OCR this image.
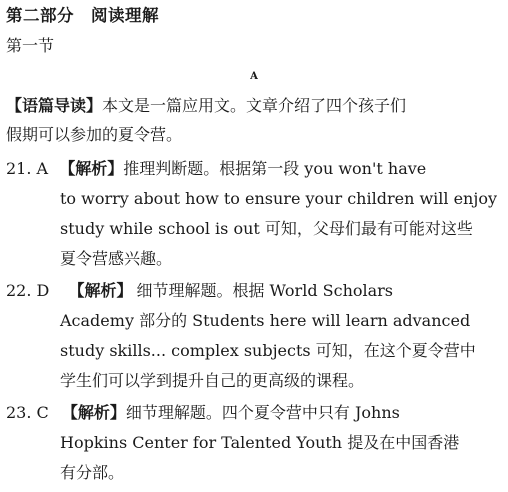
第二部分　阅读理解
第一节
A
【语篇导读】本文是一篇应用文。文章介绍了四个孩子们
假期可以参加的夏令营。
21. A 【解析】推理判断题。根据第一段 you won't have
to worry about how to ensure your children will enjoy
study while school is out 可知，父母们最有可能对这些
夏令营感兴趣。
22. D 【解析】 细节理解题。根据 World Scholars
Academy 部分的 Students here will learn advanced
study skills... complex subjects 可知，在这个夏令营中
学生们可以学到提升自己的更高级的课程。
23. C 【解析】细节理解题。四个夏令营中只有 Johns
Hopkins Center for Talented Youth 提及在中国香港
有分部。
